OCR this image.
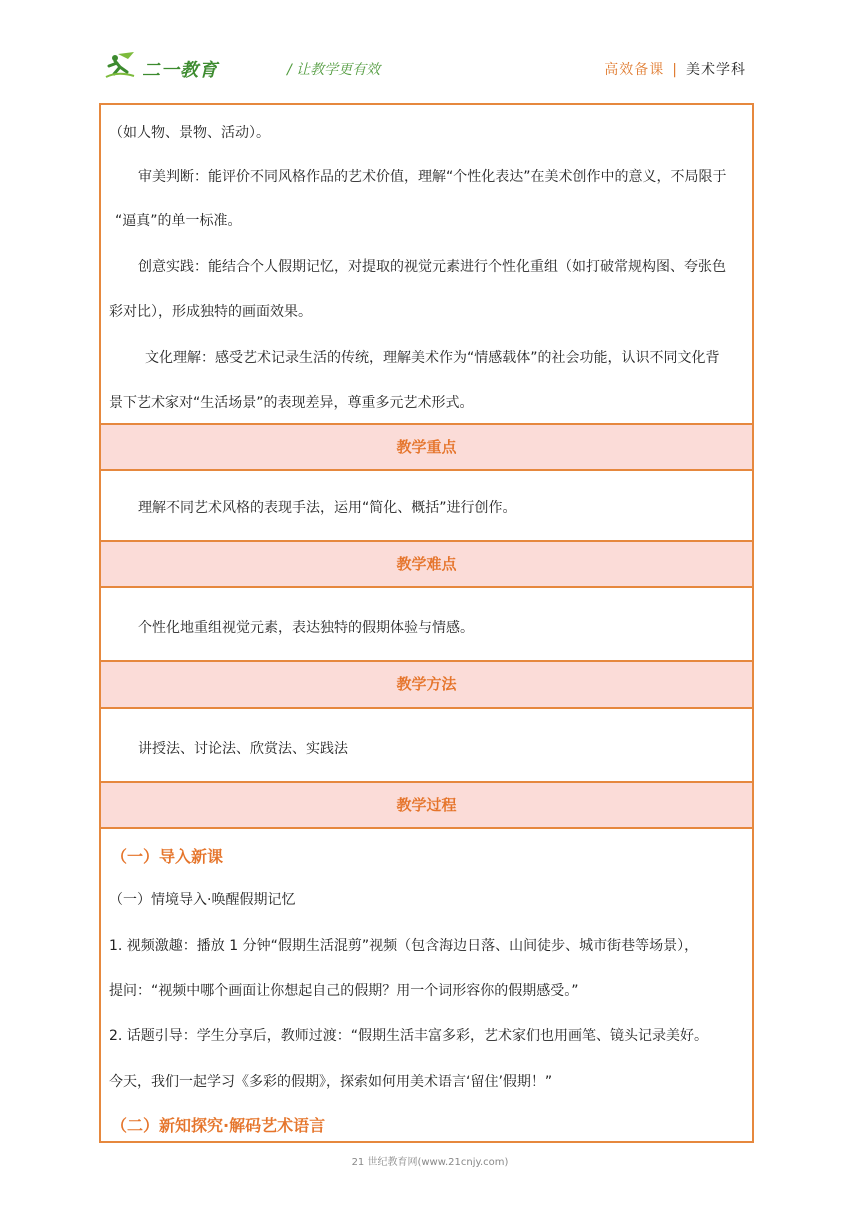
二一教育	/ 让教学更有效	高效备课 | 美术学科
（如人物、景物、活动）。
审美判断：能评价不同风格作品的艺术价值，理解“个性化表达”在美术创作中的意义，不局限于
“逼真”的单一标准。
创意实践：能结合个人假期记忆，对提取的视觉元素进行个性化重组（如打破常规构图、夸张色
彩对比），形成独特的画面效果。
文化理解：感受艺术记录生活的传统，理解美术作为“情感载体”的社会功能，认识不同文化背
景下艺术家对“生活场景”的表现差异，尊重多元艺术形式。
教学重点
理解不同艺术风格的表现手法，运用“简化、概括”进行创作。
教学难点
个性化地重组视觉元素，表达独特的假期体验与情感。
教学方法
讲授法、讨论法、欣赏法、实践法
教学过程
（一）导入新课
（一）情境导入·唤醒假期记忆
1. 视频激趣：播放 1 分钟“假期生活混剪”视频（包含海边日落、山间徒步、城市街巷等场景），
提问：“视频中哪个画面让你想起自己的假期？用一个词形容你的假期感受。”
2. 话题引导：学生分享后，教师过渡：“假期生活丰富多彩，艺术家们也用画笔、镜头记录美好。
今天，我们一起学习《多彩的假期》，探索如何用美术语言‘留住’假期！”
（二）新知探究·解码艺术语言
21 世纪教育网(www.21cnjy.com)
